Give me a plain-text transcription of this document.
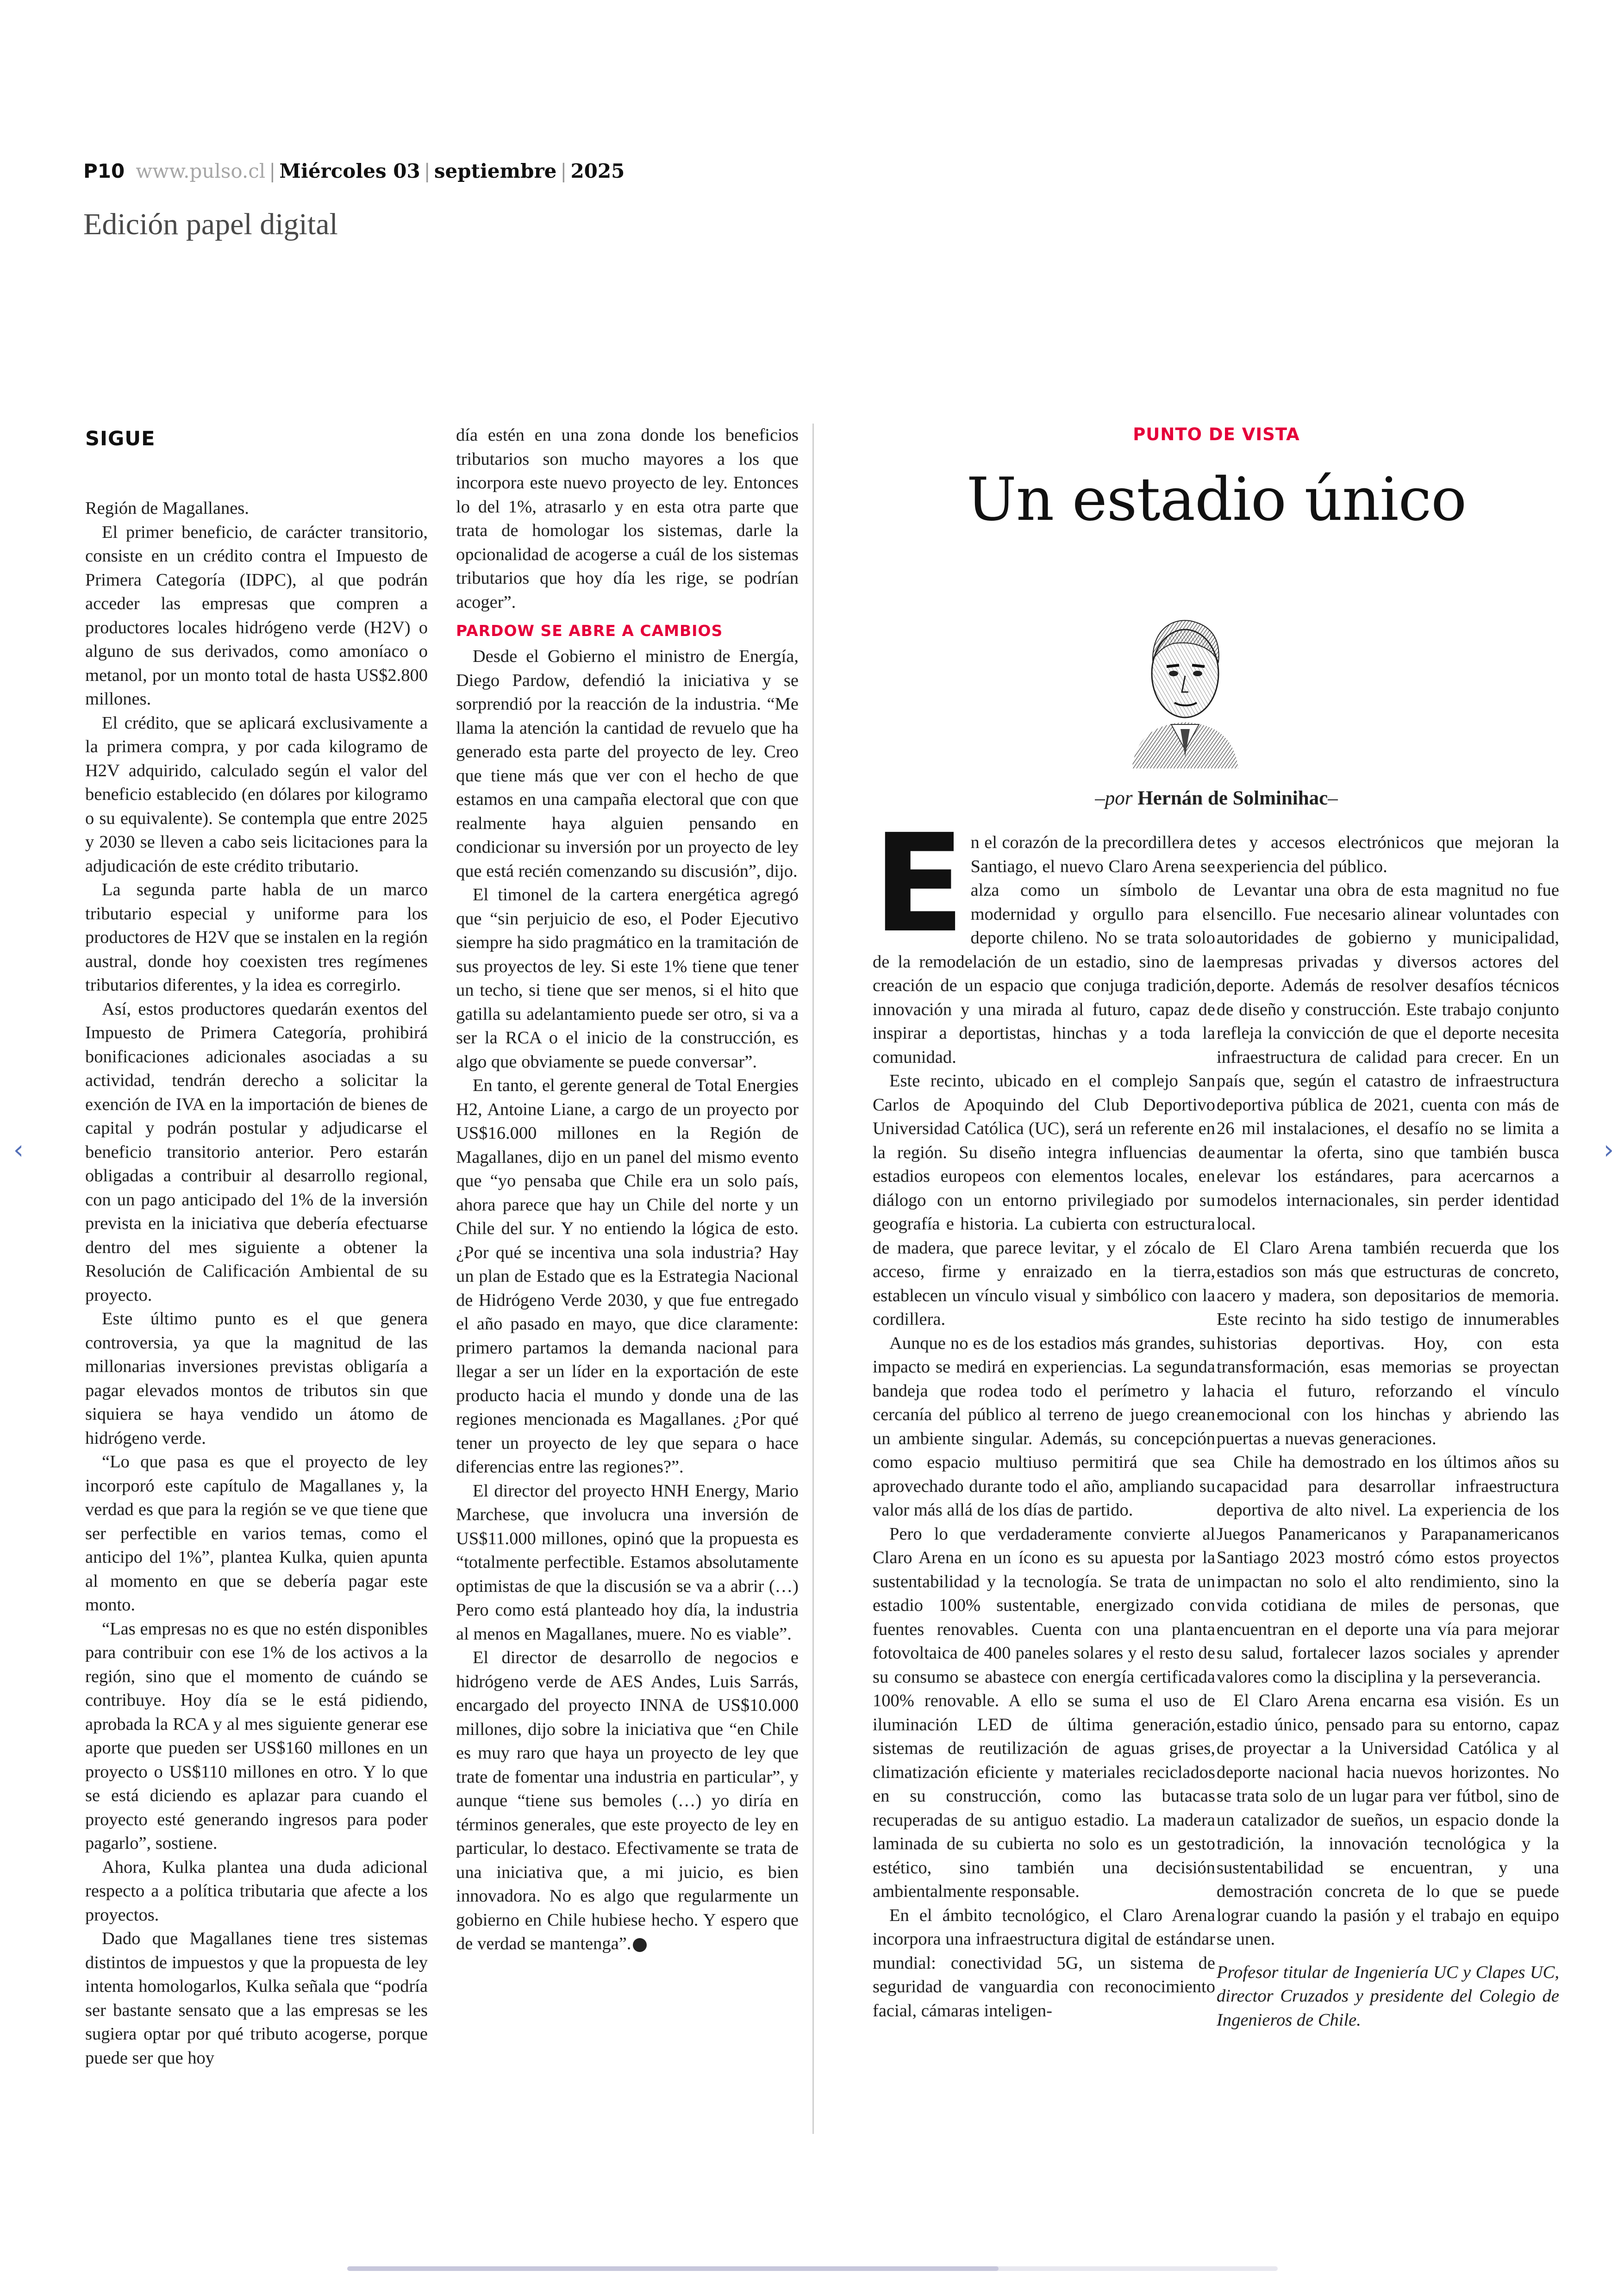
P10 www.pulso.cl | Miércoles 03 | septiembre | 2025
Edición papel digital
SIGUE

Región de Magallanes.

El primer beneficio, de carácter transitorio, consiste en un crédito contra el Impuesto de Primera Categoría (IDPC), al que podrán acceder las empresas que compren a productores locales hidrógeno verde (H2V) o alguno de sus derivados, como amoníaco o metanol, por un monto total de hasta US$2.800 millones.

El crédito, que se aplicará exclusivamente a la primera compra, y por cada kilogramo de H2V adquirido, calculado según el valor del beneficio establecido (en dólares por kilogramo o su equivalente). Se contempla que entre 2025 y 2030 se lleven a cabo seis licitaciones para la adjudicación de este crédito tributario.

La segunda parte habla de un marco tributario especial y uniforme para los productores de H2V que se instalen en la región austral, donde hoy coexisten tres regímenes tributarios diferentes, y la idea es corregirlo.

Así, estos productores quedarán exentos del Impuesto de Primera Categoría, prohibirá bonificaciones adicionales asociadas a su actividad, tendrán derecho a solicitar la exención de IVA en la importación de bienes de capital y podrán postular y adjudicarse el beneficio transitorio anterior. Pero estarán obligadas a contribuir al desarrollo regional, con un pago anticipado del 1% de la inversión prevista en la iniciativa que debería efectuarse dentro del mes siguiente a obtener la Resolución de Calificación Ambiental de su proyecto.

Este último punto es el que genera controversia, ya que la magnitud de las millonarias inversiones previstas obligaría a pagar elevados montos de tributos sin que siquiera se haya vendido un átomo de hidrógeno verde.

“Lo que pasa es que el proyecto de ley incorporó este capítulo de Magallanes y, la verdad es que para la región se ve que tiene que ser perfectible en varios temas, como el anticipo del 1%”, plantea Kulka, quien apunta al momento en que se debería pagar este monto.

“Las empresas no es que no estén disponibles para contribuir con ese 1% de los activos a la región, sino que el momento de cuándo se contribuye. Hoy día se le está pidiendo, aprobada la RCA y al mes siguiente generar ese aporte que pueden ser US$160 millones en un proyecto o US$110 millones en otro. Y lo que se está diciendo es aplazar para cuando el proyecto esté generando ingresos para poder pagarlo”, sostiene.

Ahora, Kulka plantea una duda adicional respecto a a política tributaria que afecte a los proyectos.

Dado que Magallanes tiene tres sistemas distintos de impuestos y que la propuesta de ley intenta homologarlos, Kulka señala que “podría ser bastante sensato que a las empresas se les sugiera optar por qué tributo acogerse, porque puede ser que hoy

día estén en una zona donde los beneficios tributarios son mucho mayores a los que incorpora este nuevo proyecto de ley. Entonces lo del 1%, atrasarlo y en esta otra parte que trata de homologar los sistemas, darle la opcionalidad de acogerse a cuál de los sistemas tributarios que hoy día les rige, se podrían acoger”.

PARDOW SE ABRE A CAMBIOS

Desde el Gobierno el ministro de Energía, Diego Pardow, defendió la iniciativa y se sorprendió por la reacción de la industria. “Me llama la atención la cantidad de revuelo que ha generado esta parte del proyecto de ley. Creo que tiene más que ver con el hecho de que estamos en una campaña electoral que con que realmente haya alguien pensando en condicionar su inversión por un proyecto de ley que está recién comenzando su discusión”, dijo.

El timonel de la cartera energética agregó que “sin perjuicio de eso, el Poder Ejecutivo siempre ha sido pragmático en la tramitación de sus proyectos de ley. Si este 1% tiene que tener un techo, si tiene que ser menos, si el hito que gatilla su adelantamiento puede ser otro, si va a ser la RCA o el inicio de la construcción, es algo que obviamente se puede conversar”.

En tanto, el gerente general de Total Energies H2, Antoine Liane, a cargo de un proyecto por US$16.000 millones en la Región de Magallanes, dijo en un panel del mismo evento que “yo pensaba que Chile era un solo país, ahora parece que hay un Chile del norte y un Chile del sur. Y no entiendo la lógica de esto. ¿Por qué se incentiva una sola industria? Hay un plan de Estado que es la Estrategia Nacional de Hidrógeno Verde 2030, y que fue entregado el año pasado en mayo, que dice claramente: primero partamos la demanda nacional para llegar a ser un líder en la exportación de este producto hacia el mundo y donde una de las regiones mencionada es Magallanes. ¿Por qué tener un proyecto de ley que separa o hace diferencias entre las regiones?”.

El director del proyecto HNH Energy, Mario Marchese, que involucra una inversión de US$11.000 millones, opinó que la propuesta es “totalmente perfectible. Estamos absolutamente optimistas de que la discusión se va a abrir (…) Pero como está planteado hoy día, la industria al menos en Magallanes, muere. No es viable”.

El director de desarrollo de negocios e hidrógeno verde de AES Andes, Luis Sarrás, encargado del proyecto INNA de US$10.000 millones, dijo sobre la iniciativa que “en Chile es muy raro que haya un proyecto de ley que trate de fomentar una industria en particular”, y aunque “tiene sus bemoles (…) yo diría en términos generales, que este proyecto de ley en particular, lo destaco. Efectivamente se trata de una iniciativa que, a mi juicio, es bien innovadora. No es algo que regularmente un gobierno en Chile hubiese hecho. Y espero que de verdad se mantenga”. P

PUNTO DE VISTA
Un estadio único
–por Hernán de Solminihac–

En el corazón de la precordillera de Santiago, el nuevo Claro Arena se alza como un símbolo de modernidad y orgullo para el deporte chileno. No se trata solo de la remodelación de un estadio, sino de la creación de un espacio que conjuga tradición, innovación y una mirada al futuro, capaz de inspirar a deportistas, hinchas y a toda la comunidad.

Este recinto, ubicado en el complejo San Carlos de Apoquindo del Club Deportivo Universidad Católica (UC), será un referente en la región. Su diseño integra influencias de estadios europeos con elementos locales, en diálogo con un entorno privilegiado por su geografía e historia. La cubierta con estructura de madera, que parece levitar, y el zócalo de acceso, firme y enraizado en la tierra, establecen un vínculo visual y simbólico con la cordillera.

Aunque no es de los estadios más grandes, su impacto se medirá en experiencias. La segunda bandeja que rodea todo el perímetro y la cercanía del público al terreno de juego crean un ambiente singular. Además, su concepción como espacio multiuso permitirá que sea aprovechado durante todo el año, ampliando su valor más allá de los días de partido.

Pero lo que verdaderamente convierte al Claro Arena en un ícono es su apuesta por la sustentabilidad y la tecnología. Se trata de un estadio 100% sustentable, energizado con fuentes renovables. Cuenta con una planta fotovoltaica de 400 paneles solares y el resto de su consumo se abastece con energía certificada 100% renovable. A ello se suma el uso de iluminación LED de última generación, sistemas de reutilización de aguas grises, climatización eficiente y materiales reciclados en su construcción, como las butacas recuperadas de su antiguo estadio. La madera laminada de su cubierta no solo es un gesto estético, sino también una decisión ambientalmente responsable.

En el ámbito tecnológico, el Claro Arena incorpora una infraestructura digital de estándar mundial: conectividad 5G, un sistema de seguridad de vanguardia con reconocimiento facial, cámaras inteligen-

tes y accesos electrónicos que mejoran la experiencia del público.

Levantar una obra de esta magnitud no fue sencillo. Fue necesario alinear voluntades con autoridades de gobierno y municipalidad, empresas privadas y diversos actores del deporte. Además de resolver desafíos técnicos de diseño y construcción. Este trabajo conjunto refleja la convicción de que el deporte necesita infraestructura de calidad para crecer. En un país que, según el catastro de infraestructura deportiva pública de 2021, cuenta con más de 26 mil instalaciones, el desafío no se limita a aumentar la oferta, sino que también busca elevar los estándares, para acercarnos a modelos internacionales, sin perder identidad local.

El Claro Arena también recuerda que los estadios son más que estructuras de concreto, acero y madera, son depositarios de memoria. Este recinto ha sido testigo de innumerables historias deportivas. Hoy, con esta transformación, esas memorias se proyectan hacia el futuro, reforzando el vínculo emocional con los hinchas y abriendo las puertas a nuevas generaciones.

Chile ha demostrado en los últimos años su capacidad para desarrollar infraestructura deportiva de alto nivel. La experiencia de los Juegos Panamericanos y Parapanamericanos Santiago 2023 mostró cómo estos proyectos impactan no solo el alto rendimiento, sino la vida cotidiana de miles de personas, que encuentran en el deporte una vía para mejorar su salud, fortalecer lazos sociales y aprender valores como la disciplina y la perseverancia.

El Claro Arena encarna esa visión. Es un estadio único, pensado para su entorno, capaz de proyectar a la Universidad Católica y al deporte nacional hacia nuevos horizontes. No se trata solo de un lugar para ver fútbol, sino de un catalizador de sueños, un espacio donde la tradición, la innovación tecnológica y la sustentabilidad se encuentran, y una demostración concreta de lo que se puede lograr cuando la pasión y el trabajo en equipo se unen.

Profesor titular de Ingeniería UC y Clapes UC, director Cruzados y presidente del Colegio de Ingenieros de Chile.

‹	›
